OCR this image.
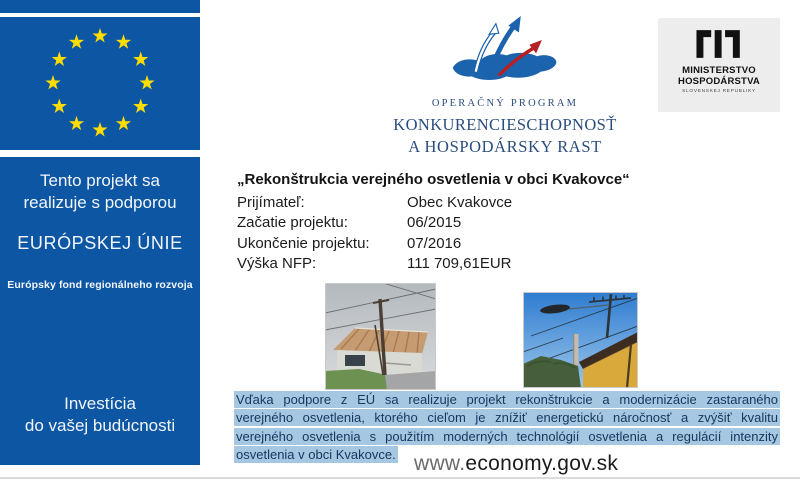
Tento projekt sa
realizuje s podporou
EURÓPSKEJ ÚNIE
Európsky fond regionálneho rozvoja
Investícia
do vašej budúcnosti
OPERAČNÝ PROGRAM
KONKURENCIESCHOPNOSŤ
A HOSPODÁRSKY RAST
MINISTERSTVO
HOSPODÁRSTVA
SLOVENSKEJ REPUBLIKY
„Rekonštrukcia verejného osvetlenia v obci Kvakovce“
Prijímateľ:	Obec Kvakovce
Začatie projektu:	06/2015
Ukončenie projektu: 07/2016
Výška NFP:	111 709,61EUR
Vďaka podpore z EÚ sa realizuje projekt rekonštrukcie a modernizácie zastaraného
verejného osvetlenia, ktorého cieľom je znížiť energetickú náročnosť a zvýšiť kvalitu
verejného osvetlenia s použitím moderných technológií osvetlenia a regulácií intenzity
osvetlenia v obci Kvakovce. www.economy.gov.sk
